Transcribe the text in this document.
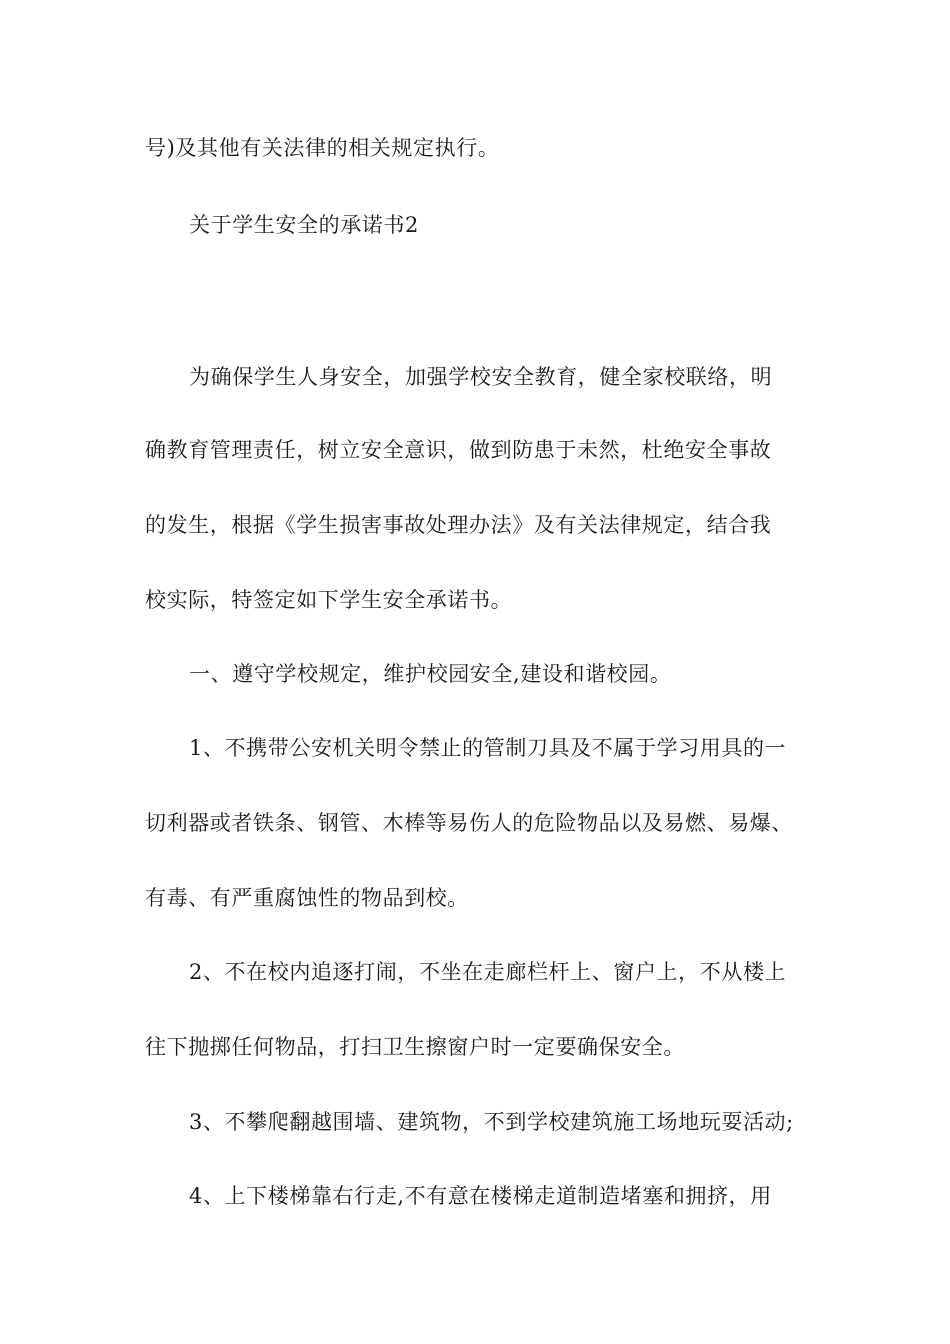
号)及其他有关法律的相关规定执行。
关于学生安全的承诺书2
为确保学生人身安全，加强学校安全教育，健全家校联络，明
确教育管理责任，树立安全意识，做到防患于未然，杜绝安全事故
的发生，根据《学生损害事故处理办法》及有关法律规定，结合我
校实际，特签定如下学生安全承诺书。
一、遵守学校规定，维护校园安全,建设和谐校园。
1、不携带公安机关明令禁止的管制刀具及不属于学习用具的一
切利器或者铁条、钢管、木棒等易伤人的危险物品以及易燃、易爆、
有毒、有严重腐蚀性的物品到校。
2、不在校内追逐打闹，不坐在走廊栏杆上、窗户上，不从楼上
往下抛掷任何物品，打扫卫生擦窗户时一定要确保安全。
3、不攀爬翻越围墙、建筑物，不到学校建筑施工场地玩耍活动;
4、上下楼梯靠右行走,不有意在楼梯走道制造堵塞和拥挤，用
